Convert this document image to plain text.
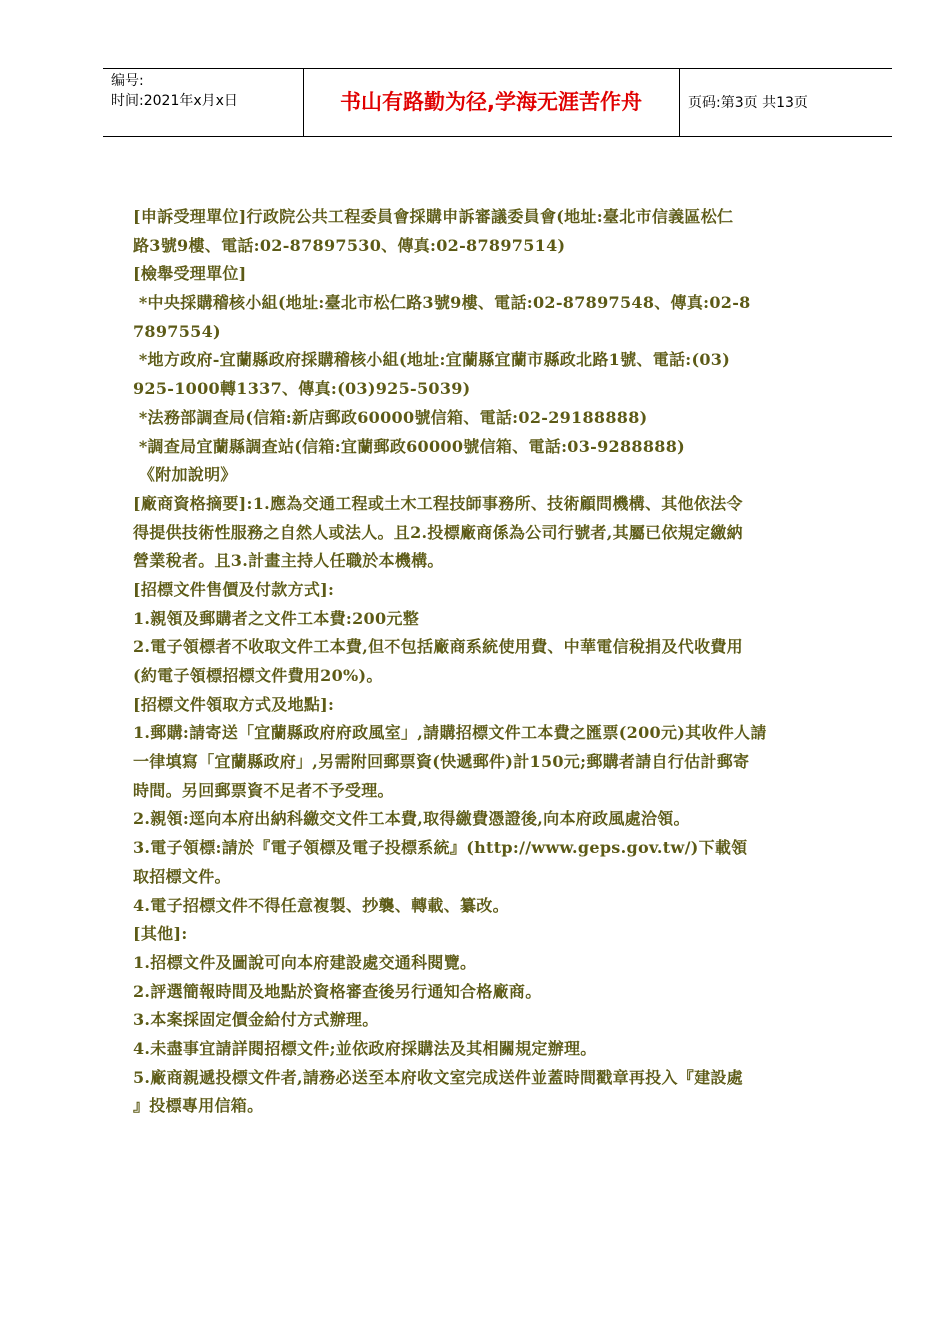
编号:
时间:2021年x月x日	书山有路勤为径,学海无涯苦作舟	页码:第3页 共13页
[申訴受理單位]行政院公共工程委員會採購申訴審議委員會(地址:臺北市信義區松仁
路3號9樓、電話:02-87897530、傳真:02-87897514)
[檢舉受理單位]
*中央採購稽核小組(地址:臺北市松仁路3號9樓、電話:02-87897548、傳真:02-8
7897554)
*地方政府-宜蘭縣政府採購稽核小組(地址:宜蘭縣宜蘭市縣政北路1號、電話:(03)
925-1000轉1337、傳真:(03)925-5039)
*法務部調查局(信箱:新店郵政60000號信箱、電話:02-29188888)
*調查局宜蘭縣調查站(信箱:宜蘭郵政60000號信箱、電話:03-9288888)
《附加說明》
[廠商資格摘要]:1.應為交通工程或土木工程技師事務所、技術顧問機構、其他依法令
得提供技術性服務之自然人或法人。且2.投標廠商係為公司行號者,其屬已依規定繳納
營業稅者。且3.計畫主持人任職於本機構。
[招標文件售價及付款方式]:
1.親領及郵購者之文件工本費:200元整
2.電子領標者不收取文件工本費,但不包括廠商系統使用費、中華電信稅捐及代收費用
(約電子領標招標文件費用20%)。
[招標文件領取方式及地點]:
1.郵購:請寄送「宜蘭縣政府府政風室」,請購招標文件工本費之匯票(200元)其收件人請
一律填寫「宜蘭縣政府」,另需附回郵票資(快遞郵件)計150元;郵購者請自行估計郵寄
時間。另回郵票資不足者不予受理。
2.親領:逕向本府出納科繳交文件工本費,取得繳費憑證後,向本府政風處洽領。
3.電子領標:請於『電子領標及電子投標系統』(http://www.geps.gov.tw/)下載領
取招標文件。
4.電子招標文件不得任意複製、抄襲、轉載、纂改。
[其他]:
1.招標文件及圖說可向本府建設處交通科閱覽。
2.評選簡報時間及地點於資格審查後另行通知合格廠商。
3.本案採固定價金給付方式辦理。
4.未盡事宜請詳閱招標文件;並依政府採購法及其相關規定辦理。
5.廠商親遞投標文件者,請務必送至本府收文室完成送件並蓋時間戳章再投入『建設處
』投標專用信箱。
